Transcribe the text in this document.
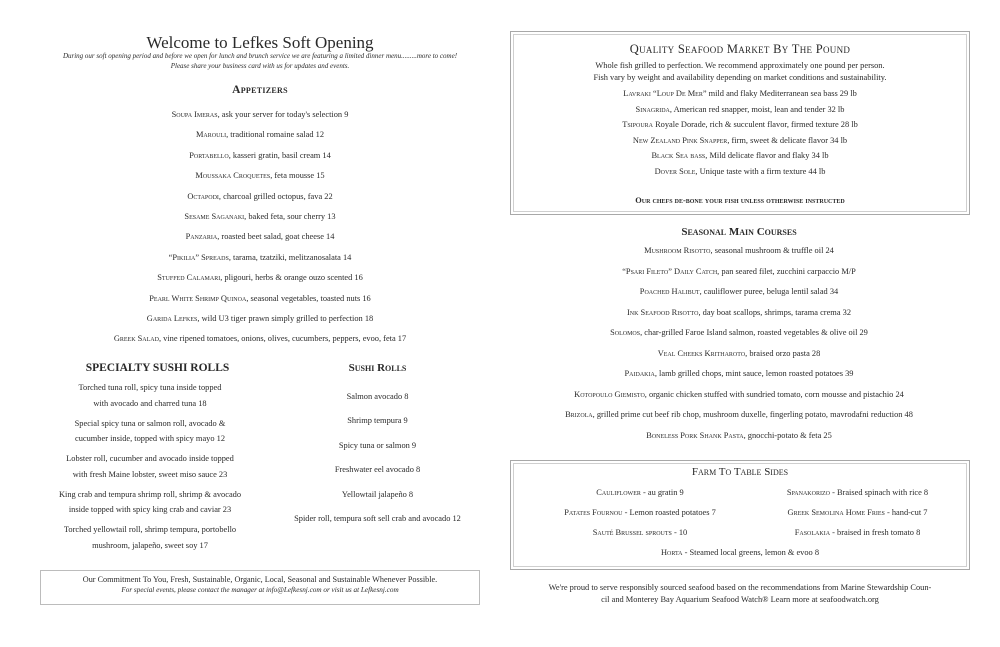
Welcome to Lefkes Soft Opening
During our soft opening period and before we open for lunch and brunch service we are featuring a limited dinner menu.........more to come!
Please share your business card with us for updates and events.
Appetizers
Soupa Imeras, ask your server for today's selection 9
Marouli, traditional romaine salad 12
Portabello, kasseri gratin, basil cream 14
Moussaka Croquetes, feta mousse 15
Octapodi, charcoal grilled octopus, fava 22
Sesame Saganaki, baked feta, sour cherry 13
Panzaria, roasted beet salad, goat cheese 14
“Pikilia” Spreads, tarama, tzatziki, melitzanosalata 14
Stuffed Calamari, pligouri, herbs & orange ouzo scented 16
Pearl White Shrimp Quinoa, seasonal vegetables, toasted nuts 16
Garida Lefkes, wild U3 tiger prawn simply grilled to perfection 18
Greek Salad, vine ripened tomatoes, onions, olives, cucumbers, peppers, evoo, feta 17
SPECIALTY SUSHI ROLLS
Torched tuna roll, spicy tuna inside topped
with avocado and charred tuna 18
Special spicy tuna or salmon roll, avocado &
cucumber inside, topped with spicy mayo 12
Lobster roll, cucumber and avocado inside topped
with fresh Maine lobster, sweet miso sauce 23
King crab and tempura shrimp roll, shrimp & avocado
inside topped with spicy king crab and caviar 23
Torched yellowtail roll, shrimp tempura, portobello
mushroom, jalapeño, sweet soy 17
Sushi Rolls
Salmon avocado 8
Shrimp tempura 9
Spicy tuna or salmon 9
Freshwater eel avocado 8
Yellowtail jalapeño 8
Spider roll, tempura soft sell crab and avocado 12
Our Commitment To You, Fresh, Sustainable, Organic, Local, Seasonal and Sustainable Whenever Possible.
For special events, please contact the manager at info@Lefkesnj.com or visit us at Lefkesnj.com
Quality Seafood Market By The Pound
Whole fish grilled to perfection. We recommend approximately one pound per person.
Fish vary by weight and availability depending on market conditions and sustainability.
Lavraki “Loup De Mer” mild and flaky Mediterranean sea bass 29 lb
Sinagrida, American red snapper, moist, lean and tender 32 lb
Tsipoura Royale Dorade, rich & succulent flavor, firmed texture 28 lb
New Zealand Pink Snapper, firm, sweet & delicate flavor 34 lb
Black Sea bass, Mild delicate flavor and flaky 34 lb
Dover Sole, Unique taste with a firm texture 44 lb
Our chefs de-bone your fish unless otherwise instructed
Seasonal Main Courses
Mushroom Risotto, seasonal mushroom & truffle oil 24
“Psari Fileto” Daily Catch, pan seared filet, zucchini carpaccio M/P
Poached Halibut, cauliflower puree, beluga lentil salad 34
Ink Seafood Risotto, day boat scallops, shrimps, tarama crema 32
Solomos, char-grilled Faroe Island salmon, roasted vegetables & olive oil 29
Veal Cheeks Kritharoto, braised orzo pasta 28
Paidakia, lamb grilled chops, mint sauce, lemon roasted potatoes 39
Kotopoulo Giemisto, organic chicken stuffed with sundried tomato, corn mousse and pistachio 24
Brizola, grilled prime cut beef rib chop, mushroom duxelle, fingerling potato, mavrodafni reduction 48
Boneless Pork Shank Pasta, gnocchi-potato & feta 25
Farm To Table Sides
Cauliflower - au gratin 9
Patates Fournou - Lemon roasted potatoes 7
Sauté Brussel sprouts - 10
Spanakorizo - Braised spinach with rice 8
Greek Semolina Home Fries - hand-cut 7
Fasolakia - braised in fresh tomato 8
Horta - Steamed local greens, lemon & evoo 8
We're proud to serve responsibly sourced seafood based on the recommendations from Marine Stewardship Coun-
cil and Monterey Bay Aquarium Seafood Watch® Learn more at seafoodwatch.org
